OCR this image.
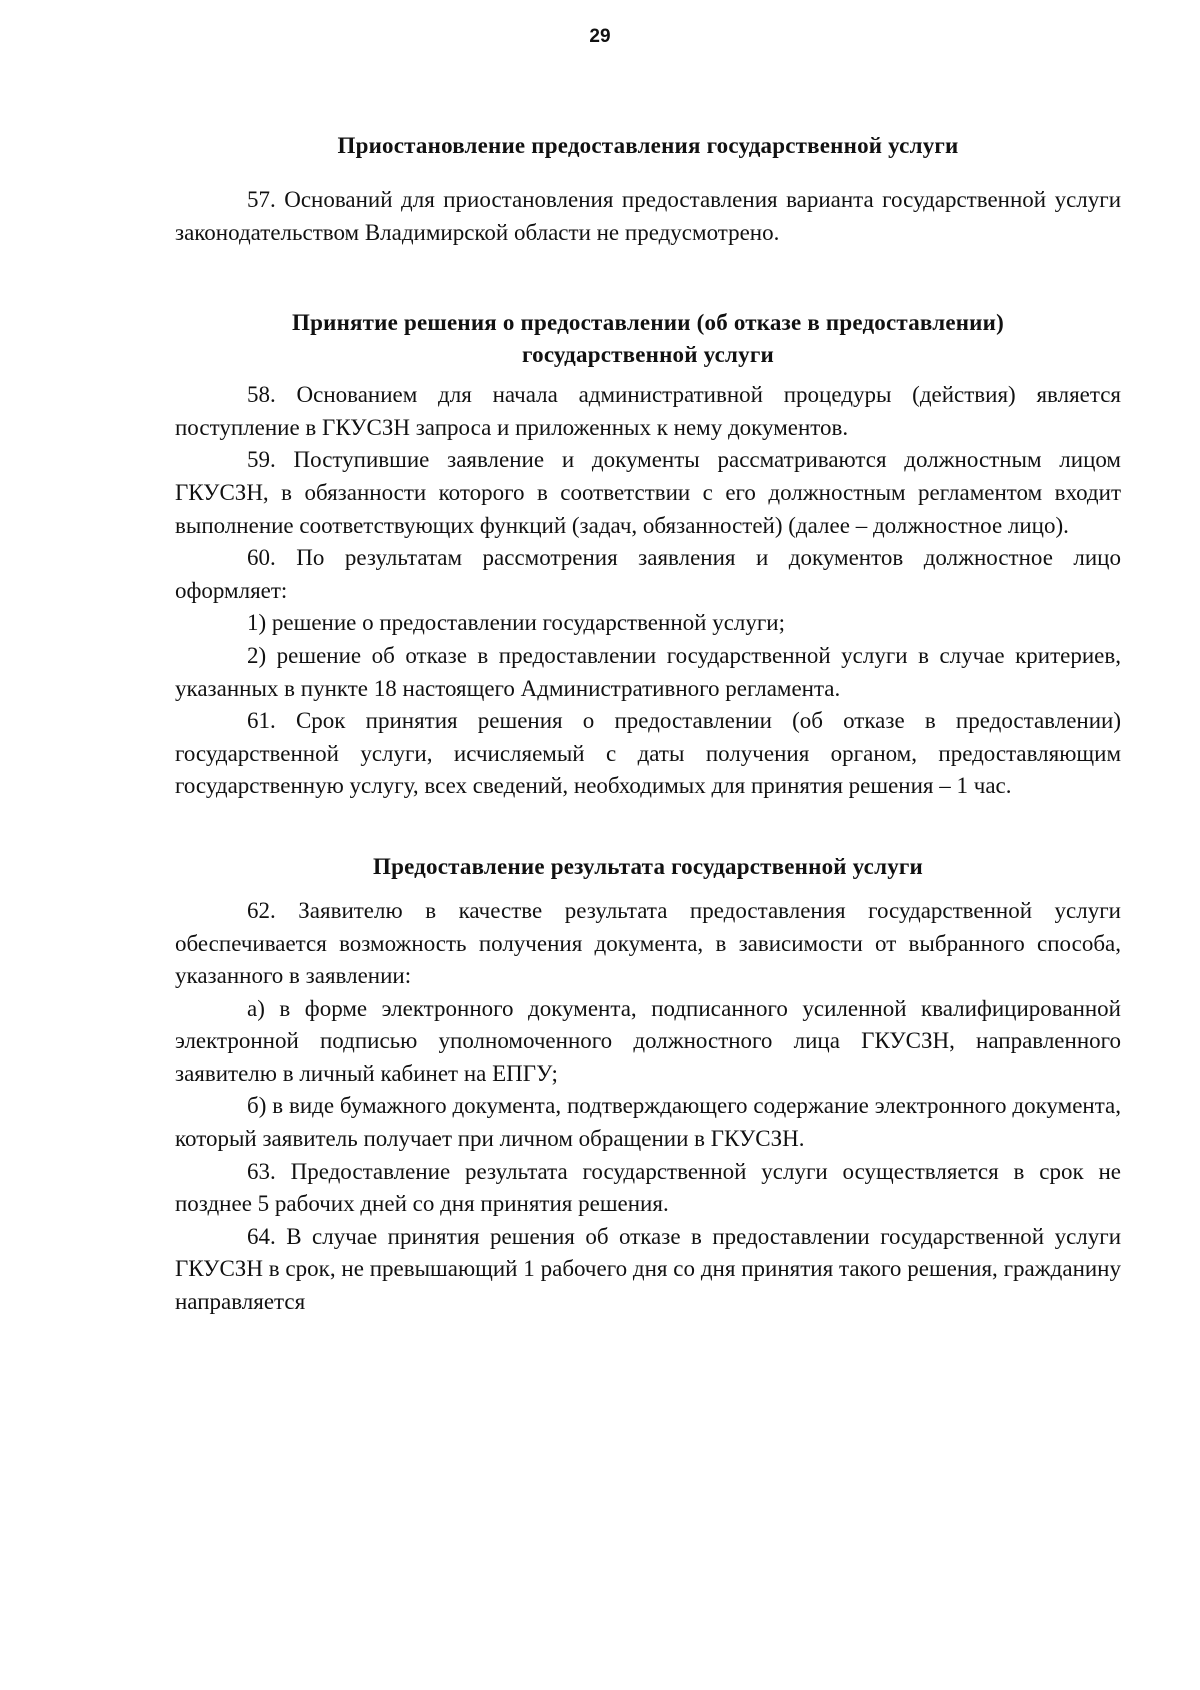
29
Приостановление предоставления государственной услуги

57. Оснований для приостановления предоставления варианта государственной услуги законодательством Владимирской области не предусмотрено.

Принятие решения о предоставлении (об отказе в предоставлении)
государственной услуги

58. Основанием для начала административной процедуры (действия) является поступление в ГКУСЗН запроса и приложенных к нему документов.

59. Поступившие заявление и документы рассматриваются должностным лицом ГКУСЗН, в обязанности которого в соответствии с его должностным регламентом входит выполнение соответствующих функций (задач, обязанностей) (далее – должностное лицо).

60. По результатам рассмотрения заявления и документов должностное лицо оформляет:

1) решение о предоставлении государственной услуги;

2) решение об отказе в предоставлении государственной услуги в случае критериев, указанных в пункте 18 настоящего Административного регламента.

61. Срок принятия решения о предоставлении (об отказе в предоставлении) государственной услуги, исчисляемый с даты получения органом, предоставляющим государственную услугу, всех сведений, необходимых для принятия решения – 1 час.

Предоставление результата государственной услуги

62. Заявителю в качестве результата предоставления государственной услуги обеспечивается возможность получения документа, в зависимости от выбранного способа, указанного в заявлении:

а) в форме электронного документа, подписанного усиленной квалифицированной электронной подписью уполномоченного должностного лица ГКУСЗН, направленного заявителю в личный кабинет на ЕПГУ;

б) в виде бумажного документа, подтверждающего содержание электронного документа, который заявитель получает при личном обращении в ГКУСЗН.

63. Предоставление результата государственной услуги осуществляется в срок не позднее 5 рабочих дней со дня принятия решения.

64. В случае принятия решения об отказе в предоставлении государственной услуги ГКУСЗН в срок, не превышающий 1 рабочего дня со дня принятия такого решения, гражданину направляется
